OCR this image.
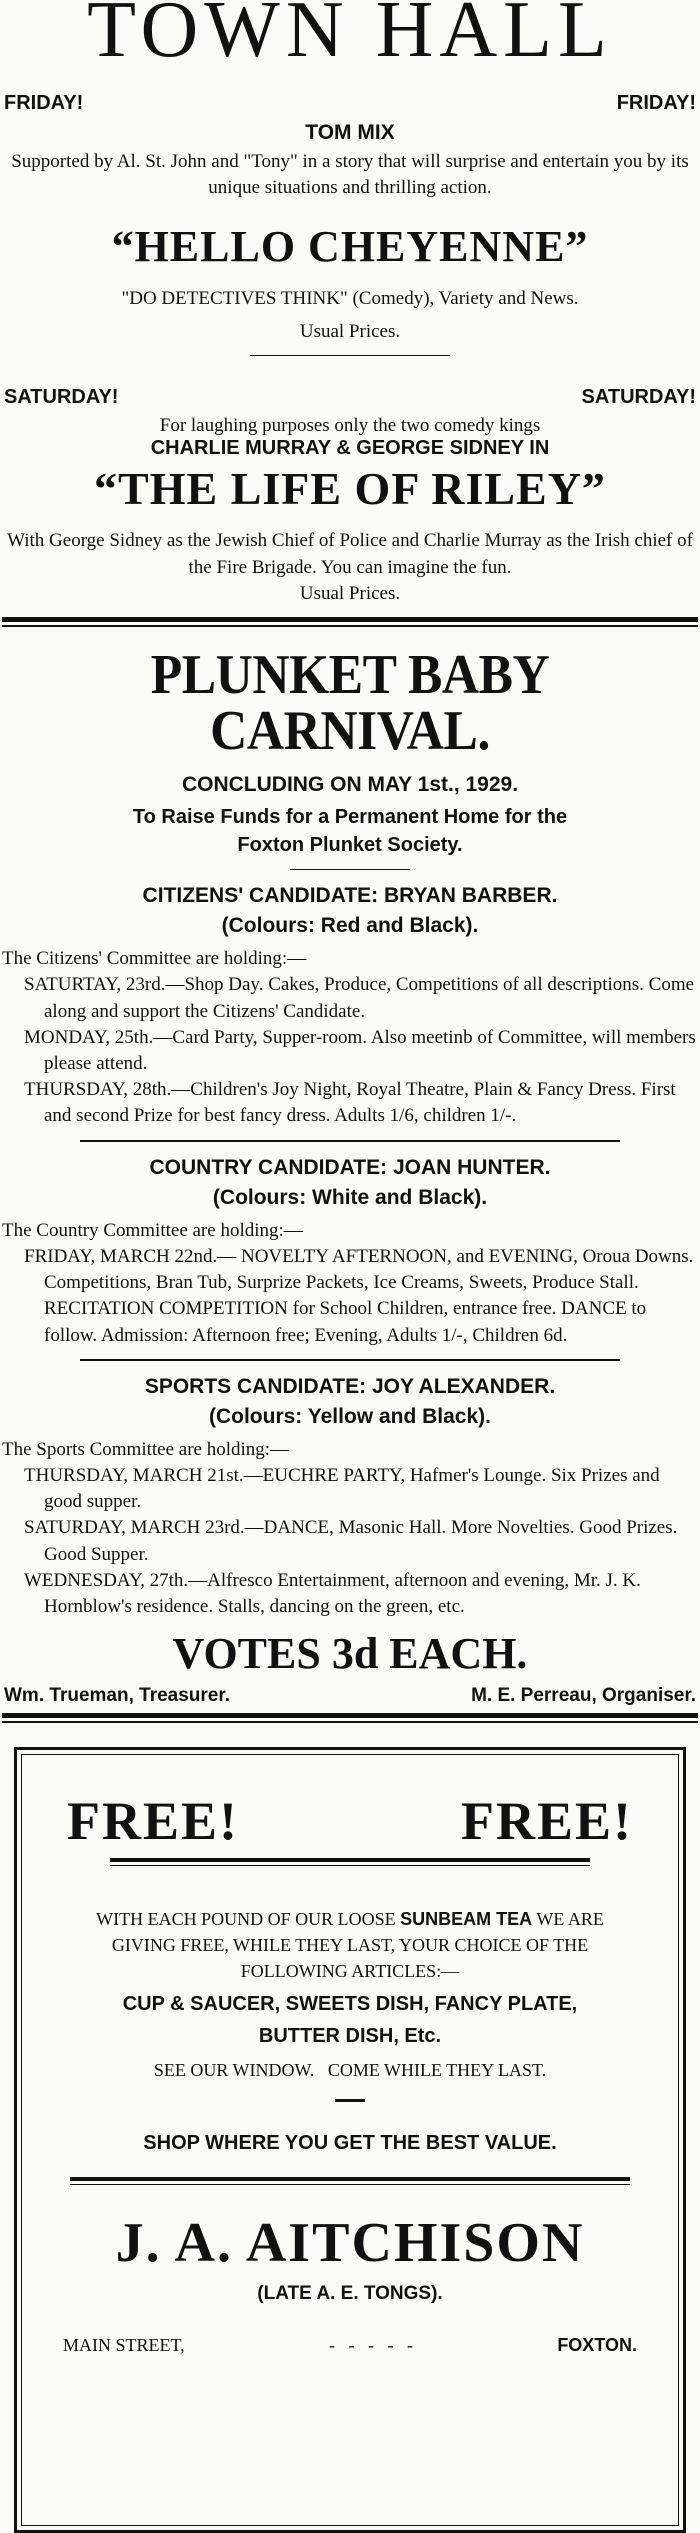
TOWN HALL
FRIDAY!	FRIDAY!
TOM MIX
Supported by Al. St. John and "Tony" in a story that will surprise and entertain you by its unique situations and thrilling action.
“HELLO CHEYENNE”
"DO DETECTIVES THINK" (Comedy), Variety and News.
Usual Prices.
SATURDAY!	SATURDAY!
For laughing purposes only the two comedy kings
CHARLIE MURRAY & GEORGE SIDNEY IN
“THE LIFE OF RILEY”
With George Sidney as the Jewish Chief of Police and Charlie Murray as the Irish chief of the Fire Brigade. You can imagine the fun.
Usual Prices.
PLUNKET BABY CARNIVAL.
CONCLUDING ON MAY 1st., 1929.
To Raise Funds for a Permanent Home for the
Foxton Plunket Society.
CITIZENS' CANDIDATE: BRYAN BARBER.
(Colours: Red and Black).
The Citizens' Committee are holding:—
SATURTAY, 23rd.—Shop Day. Cakes, Produce, Competitions of all descriptions. Come along and support the Citizens' Candidate.
MONDAY, 25th.—Card Party, Supper-room. Also meetinb of Committee, will members please attend.
THURSDAY, 28th.—Children's Joy Night, Royal Theatre, Plain & Fancy Dress. First and second Prize for best fancy dress. Adults 1/6, children 1/-.
COUNTRY CANDIDATE: JOAN HUNTER.
(Colours: White and Black).
The Country Committee are holding:—
FRIDAY, MARCH 22nd.— NOVELTY AFTERNOON, and EVENING, Oroua Downs. Competitions, Bran Tub, Surprize Packets, Ice Creams, Sweets, Produce Stall. RECITATION COMPETITION for School Children, entrance free. DANCE to follow. Admission: Afternoon free; Evening, Adults 1/-, Children 6d.
SPORTS CANDIDATE: JOY ALEXANDER.
(Colours: Yellow and Black).
The Sports Committee are holding:—
THURSDAY, MARCH 21st.—EUCHRE PARTY, Hafmer's Lounge. Six Prizes and good supper.
SATURDAY, MARCH 23rd.—DANCE, Masonic Hall. More Novelties. Good Prizes. Good Supper.
WEDNESDAY, 27th.—Alfresco Entertainment, afternoon and evening, Mr. J. K. Hornblow's residence. Stalls, dancing on the green, etc.
VOTES 3d EACH.
Wm. Trueman, Treasurer.	M. E. Perreau, Organiser.
FREE!    FREE!
WITH EACH POUND OF OUR LOOSE SUNBEAM TEA WE ARE GIVING FREE, WHILE THEY LAST, YOUR CHOICE OF THE FOLLOWING ARTICLES:—
CUP & SAUCER, SWEETS DISH, FANCY PLATE,
BUTTER DISH, Etc.
SEE OUR WINDOW.   COME WHILE THEY LAST.
SHOP WHERE YOU GET THE BEST VALUE.
J. A. AITCHISON
(LATE A. E. TONGS).
MAIN STREET,	-   -   -   -   -	FOXTON.
